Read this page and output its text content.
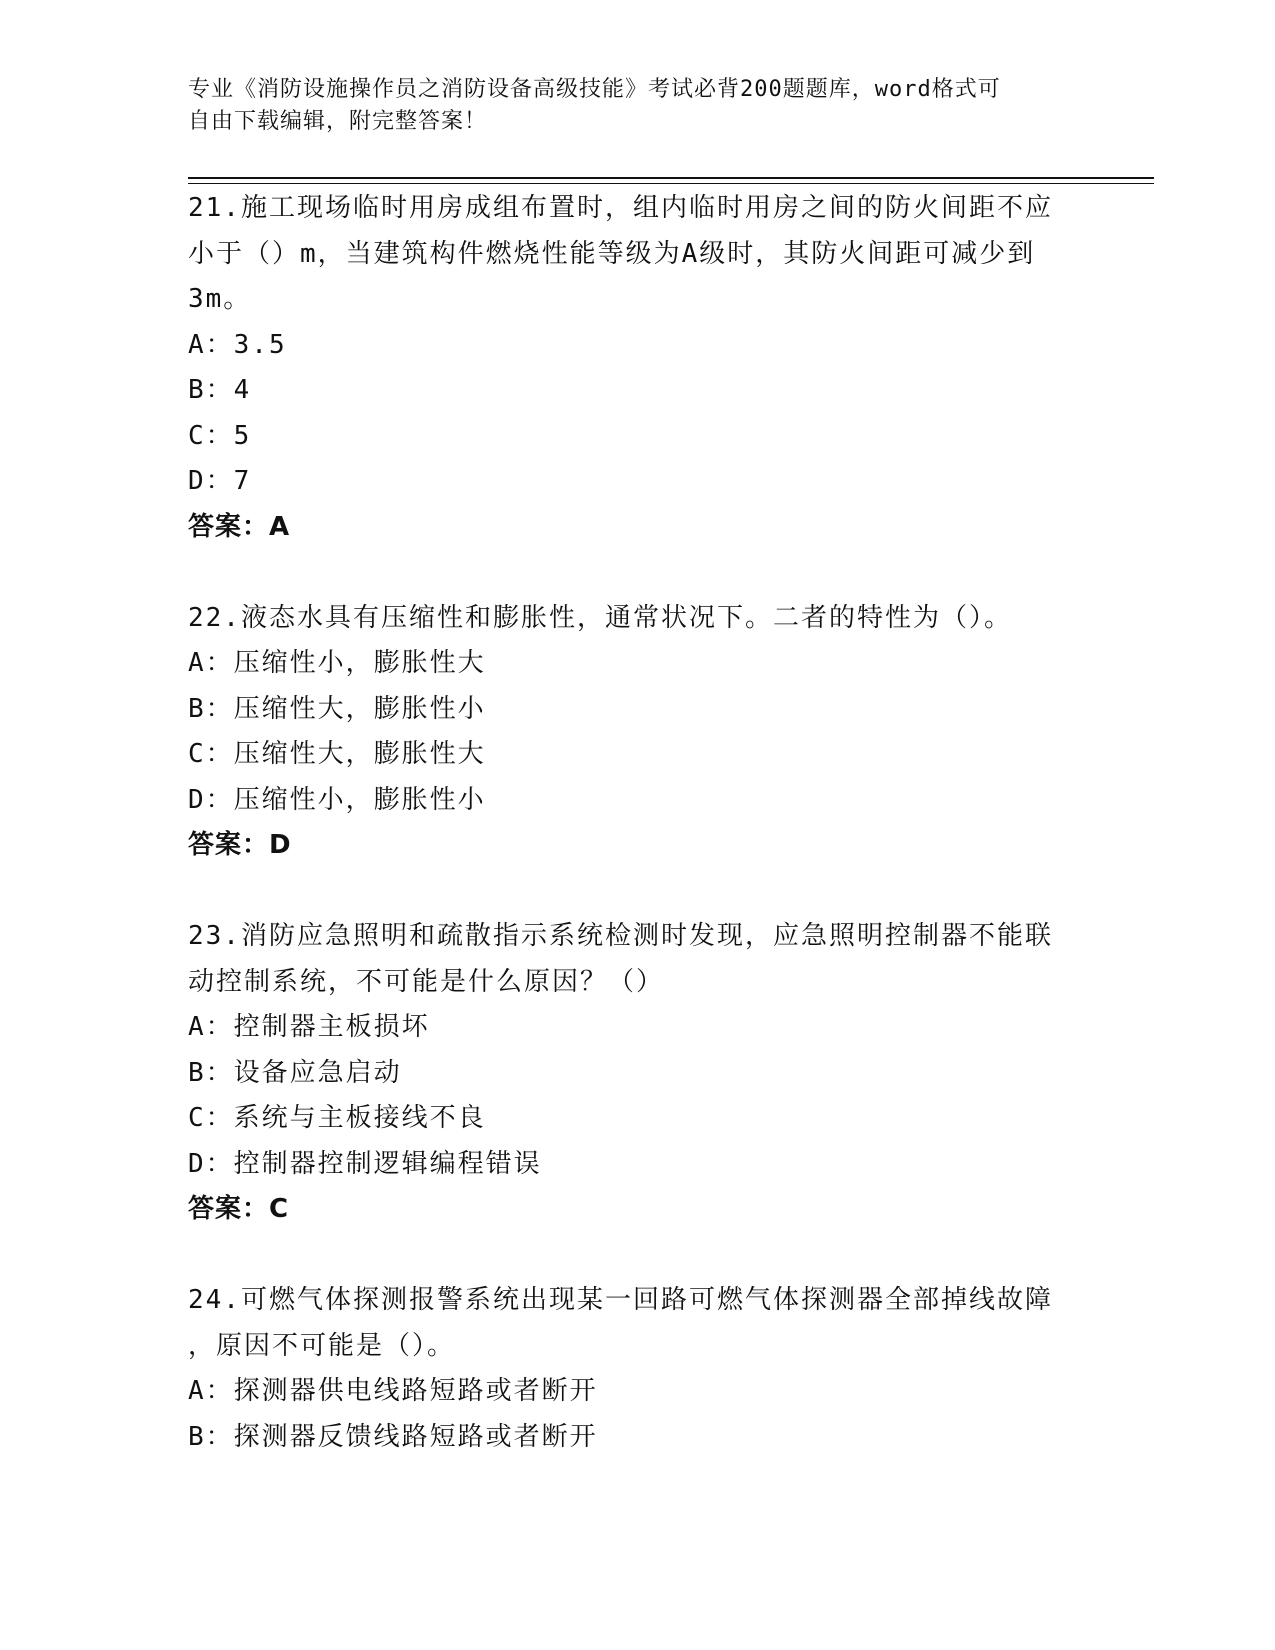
专业《消防设施操作员之消防设备高级技能》考试必背200题题库，word格式可
自由下载编辑，附完整答案！
21.施工现场临时用房成组布置时，组内临时用房之间的防火间距不应
小于（）m，当建筑构件燃烧性能等级为A级时，其防火间距可减少到
3m。
A：3.5
B：4
C：5
D：7
答案：A
22.液态水具有压缩性和膨胀性，通常状况下。二者的特性为（）。
A：压缩性小，膨胀性大
B：压缩性大，膨胀性小
C：压缩性大，膨胀性大
D：压缩性小，膨胀性小
答案：D
23.消防应急照明和疏散指示系统检测时发现，应急照明控制器不能联
动控制系统，不可能是什么原因？（）
A：控制器主板损坏
B：设备应急启动
C：系统与主板接线不良
D：控制器控制逻辑编程错误
答案：C
24.可燃气体探测报警系统出现某一回路可燃气体探测器全部掉线故障
，原因不可能是（）。
A：探测器供电线路短路或者断开
B：探测器反馈线路短路或者断开
